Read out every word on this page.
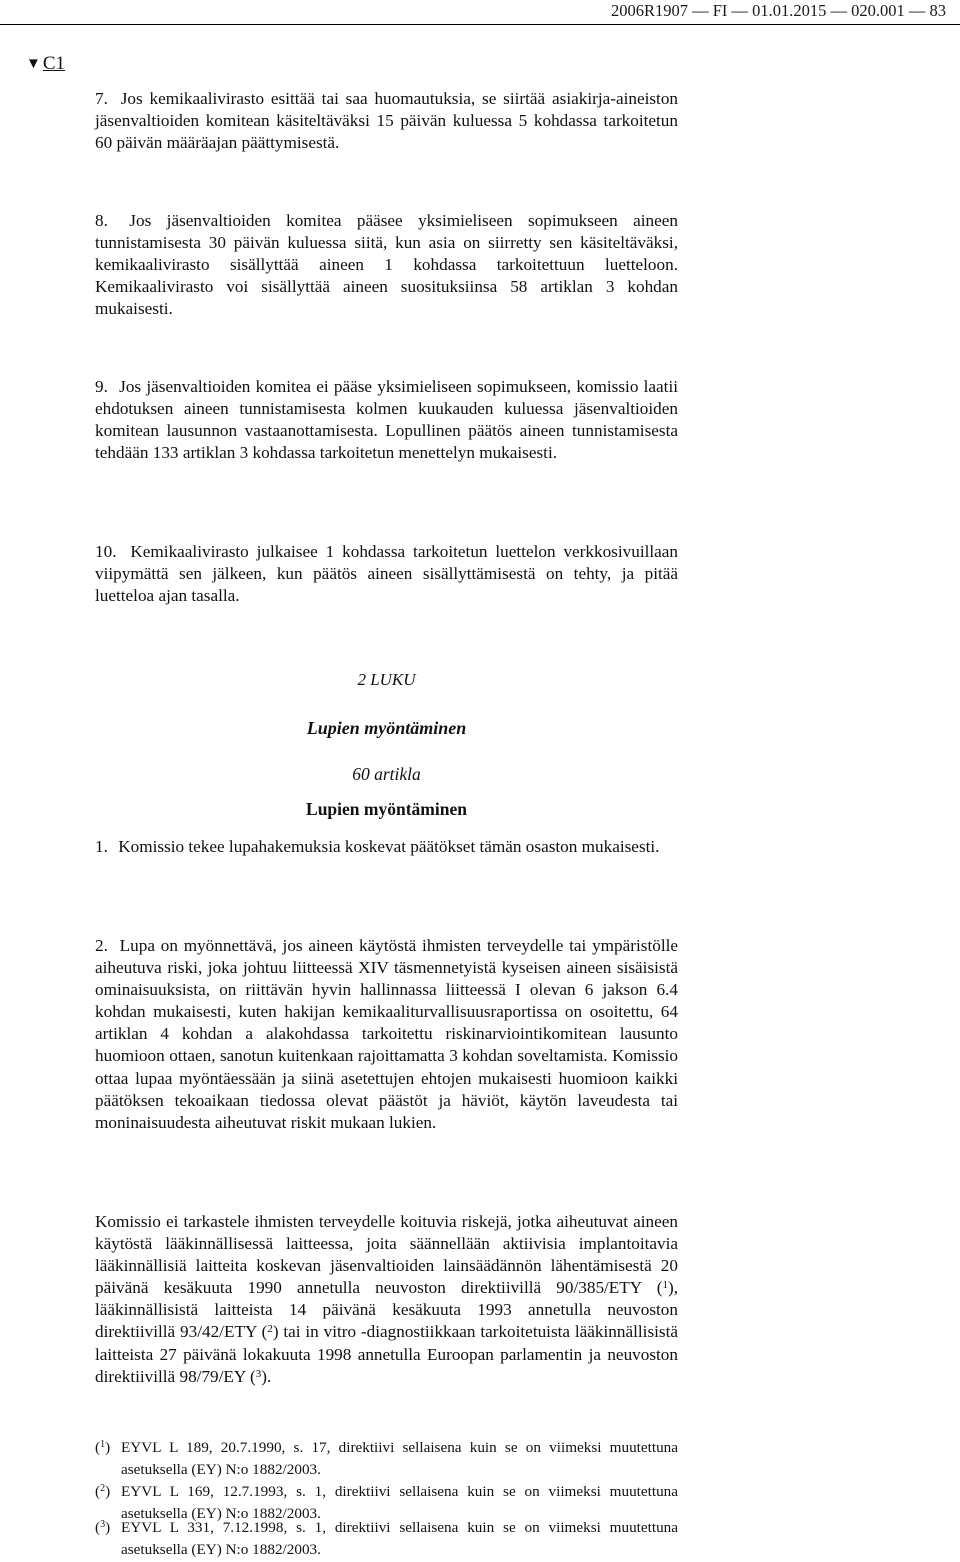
2006R1907 — FI — 01.01.2015 — 020.001 — 83
▼ C1

7. Jos kemikaalivirasto esittää tai saa huomautuksia, se siirtää asiakirja-aineiston jäsenvaltioiden komitean käsiteltäväksi 15 päivän kuluessa 5 kohdassa tarkoitetun 60 päivän määräajan päättymisestä.

8. Jos jäsenvaltioiden komitea pääsee yksimieliseen sopimukseen aineen tunnistamisesta 30 päivän kuluessa siitä, kun asia on siirretty sen käsiteltäväksi, kemikaalivirasto sisällyttää aineen 1 kohdassa tarkoitettuun luetteloon. Kemikaalivirasto voi sisällyttää aineen suosituksiinsa 58 artiklan 3 kohdan mukaisesti.

9. Jos jäsenvaltioiden komitea ei pääse yksimieliseen sopimukseen, komissio laatii ehdotuksen aineen tunnistamisesta kolmen kuukauden kuluessa jäsenvaltioiden komitean lausunnon vastaanottamisesta. Lopullinen päätös aineen tunnistamisesta tehdään 133 artiklan 3 kohdassa tarkoitetun menettelyn mukaisesti.

10. Kemikaalivirasto julkaisee 1 kohdassa tarkoitetun luettelon verkkosivuillaan viipymättä sen jälkeen, kun päätös aineen sisällyttämisestä on tehty, ja pitää luetteloa ajan tasalla.

2 LUKU
Lupien myöntäminen
60 artikla
Lupien myöntäminen

1. Komissio tekee lupahakemuksia koskevat päätökset tämän osaston mukaisesti.

2. Lupa on myönnettävä, jos aineen käytöstä ihmisten terveydelle tai ympäristölle aiheutuva riski, joka johtuu liitteessä XIV täsmennetyistä kyseisen aineen sisäisistä ominaisuuksista, on riittävän hyvin hallinnassa liitteessä I olevan 6 jakson 6.4 kohdan mukaisesti, kuten hakijan kemikaaliturvallisuusraportissa on osoitettu, 64 artiklan 4 kohdan a alakohdassa tarkoitettu riskinarviointikomitean lausunto huomioon ottaen, sanotun kuitenkaan rajoittamatta 3 kohdan soveltamista. Komissio ottaa lupaa myöntäessään ja siinä asetettujen ehtojen mukaisesti huomioon kaikki päätöksen tekoaikaan tiedossa olevat päästöt ja häviöt, käytön laveudesta tai moninaisuudesta aiheutuvat riskit mukaan lukien.

Komissio ei tarkastele ihmisten terveydelle koituvia riskejä, jotka aiheutuvat aineen käytöstä lääkinnällisessä laitteessa, joita säännellään aktiivisia implantoitavia lääkinnällisiä laitteita koskevan jäsenvaltioiden lainsäädännön lähentämisestä 20 päivänä kesäkuuta 1990 annetulla neuvoston direktiivillä 90/385/ETY ($^1$), lääkinnällisistä laitteista 14 päivänä kesäkuuta 1993 annetulla neuvoston direktiivillä 93/42/ETY ($^2$) tai in vitro -diagnostiikkaan tarkoitetuista lääkinnällisistä laitteista 27 päivänä lokakuuta 1998 annetulla Euroopan parlamentin ja neuvoston direktiivillä 98/79/EY ($^3$).

($^1$) EYVL L 189, 20.7.1990, s. 17, direktiivi sellaisena kuin se on viimeksi muutettuna asetuksella (EY) N:o 1882/2003.

($^2$) EYVL L 169, 12.7.1993, s. 1, direktiivi sellaisena kuin se on viimeksi muutettuna asetuksella (EY) N:o 1882/2003.

($^3$) EYVL L 331, 7.12.1998, s. 1, direktiivi sellaisena kuin se on viimeksi muutettuna asetuksella (EY) N:o 1882/2003.
